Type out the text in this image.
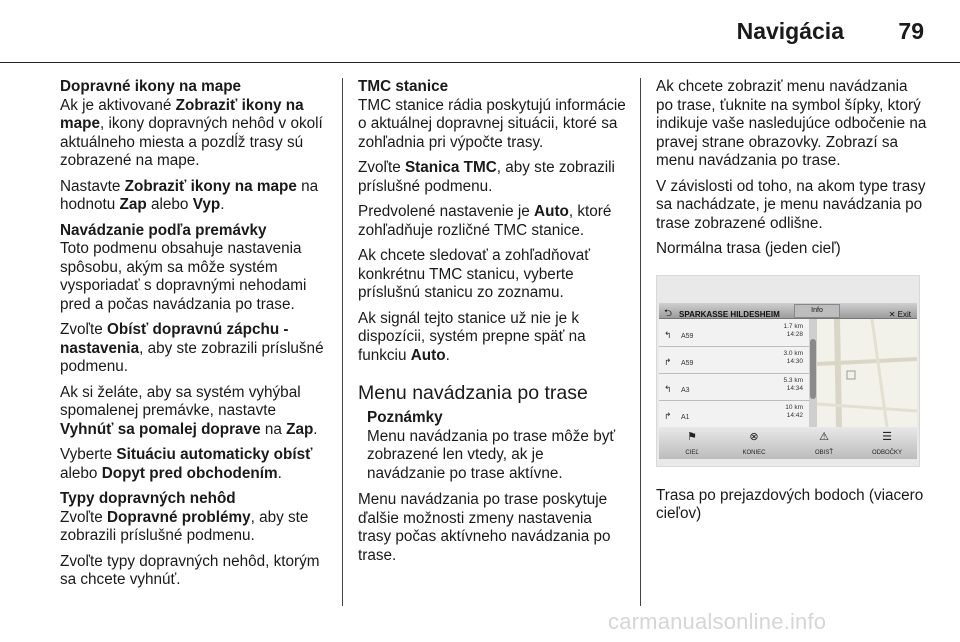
Navigácia 79

Dopravné ikony na mape

Ak je aktivované Zobraziť ikony na mape, ikony dopravných nehôd v okolí aktuálneho miesta a pozdĺž trasy sú zobrazené na mape.

Nastavte Zobraziť ikony na mape na hodnotu Zap alebo Vyp.

Navádzanie podľa premávky

Toto podmenu obsahuje nastavenia spôsobu, akým sa môže systém vysporiadať s dopravnými nehodami pred a počas navádzania po trase.

Zvoľte Obísť dopravnú zápchu - nastavenia, aby ste zobrazili príslušné podmenu.

Ak si želáte, aby sa systém vyhýbal spomalenej premávke, nastavte Vyhnúť sa pomalej doprave na Zap.

Vyberte Situáciu automaticky obísť alebo Dopyt pred obchodením.

Typy dopravných nehôd

Zvoľte Dopravné problémy, aby ste zobrazili príslušné podmenu.

Zvoľte typy dopravných nehôd, ktorým sa chcete vyhnúť.

TMC stanice

TMC stanice rádia poskytujú informácie o aktuálnej dopravnej situácii, ktoré sa zohľadnia pri výpočte trasy.

Zvoľte Stanica TMC, aby ste zobrazili príslušné podmenu.

Predvolené nastavenie je Auto, ktoré zohľadňuje rozličné TMC stanice.

Ak chcete sledovať a zohľadňovať konkrétnu TMC stanicu, vyberte príslušnú stanicu zo zoznamu.

Ak signál tejto stanice už nie je k dispozícii, systém prepne späť na funkciu Auto.

Menu navádzania po trase
Poznámky
Menu navádzania po trase môže byť zobrazené len vtedy, ak je navádzanie po trase aktívne.

Menu navádzania po trase poskytuje ďalšie možnosti zmeny nastavenia trasy počas aktívneho navádzania po trase.

Ak chcete zobraziť menu navádzania po trase, ťuknite na symbol šípky, ktorý indikuje vaše nasledujúce odbočenie na pravej strane obrazovky. Zobrazí sa menu navádzania po trase.

V závislosti od toho, na akom type trasy sa nachádzate, je menu navádzania po trase zobrazené odlišne.

Normálna trasa (jeden cieľ)

⮌ SPARKASSE HILDESHEIM	Info	✕ Exit
↰ A59
1.7 km
14:28
↱ A59
3.0 km
14:30
↰ A3
5.3 km
14:34
↱ A1
10 km
14:42
⚑
CIEĽ
⊗
KONIEC
⚠
OBISŤ
☰
ODBOČKY

Trasa po prejazdových bodoch (viacero cieľov)

carmanualsonline.info
